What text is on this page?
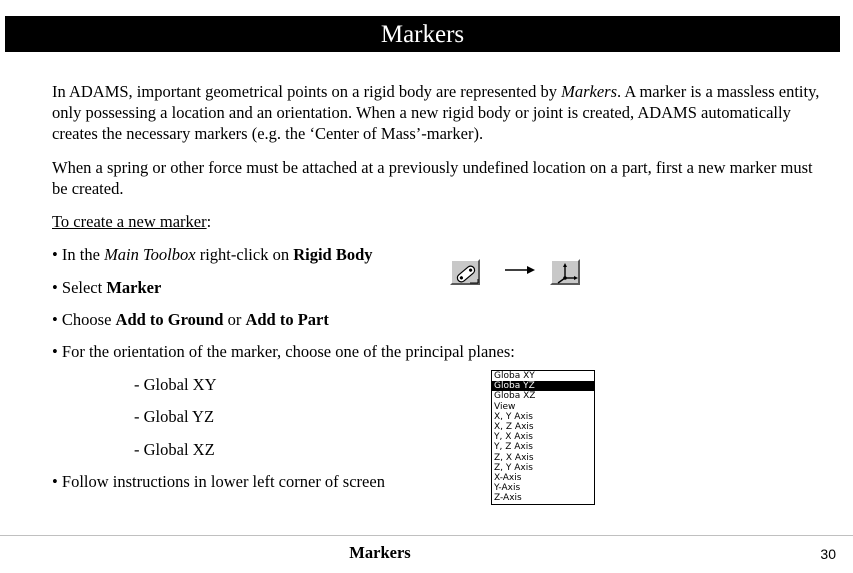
Markers

In ADAMS, important geometrical points on a rigid body are represented by Markers. A marker is a massless entity, only possessing a location and an orientation. When a new rigid body or joint is created, ADAMS automatically creates the necessary markers (e.g. the ‘Center of Mass’-marker).

When a spring or other force must be attached at a previously undefined location on a part, first a new marker must be created.

To create a new marker:
• In the Main Toolbox right-click on Rigid Body
• Select Marker
• Choose Add to Ground or Add to Part
• For the orientation of the marker, choose one of the principal planes:
- Global XY
- Global YZ
- Global XZ
• Follow instructions in lower left corner of screen
Globa XY
Globa YZ
Globa XZ
View
X, Y Axis
X, Z Axis
Y, X Axis
Y, Z Axis
Z, X Axis
Z, Y Axis
X-Axis
Y-Axis
Z-Axis
Markers	30
